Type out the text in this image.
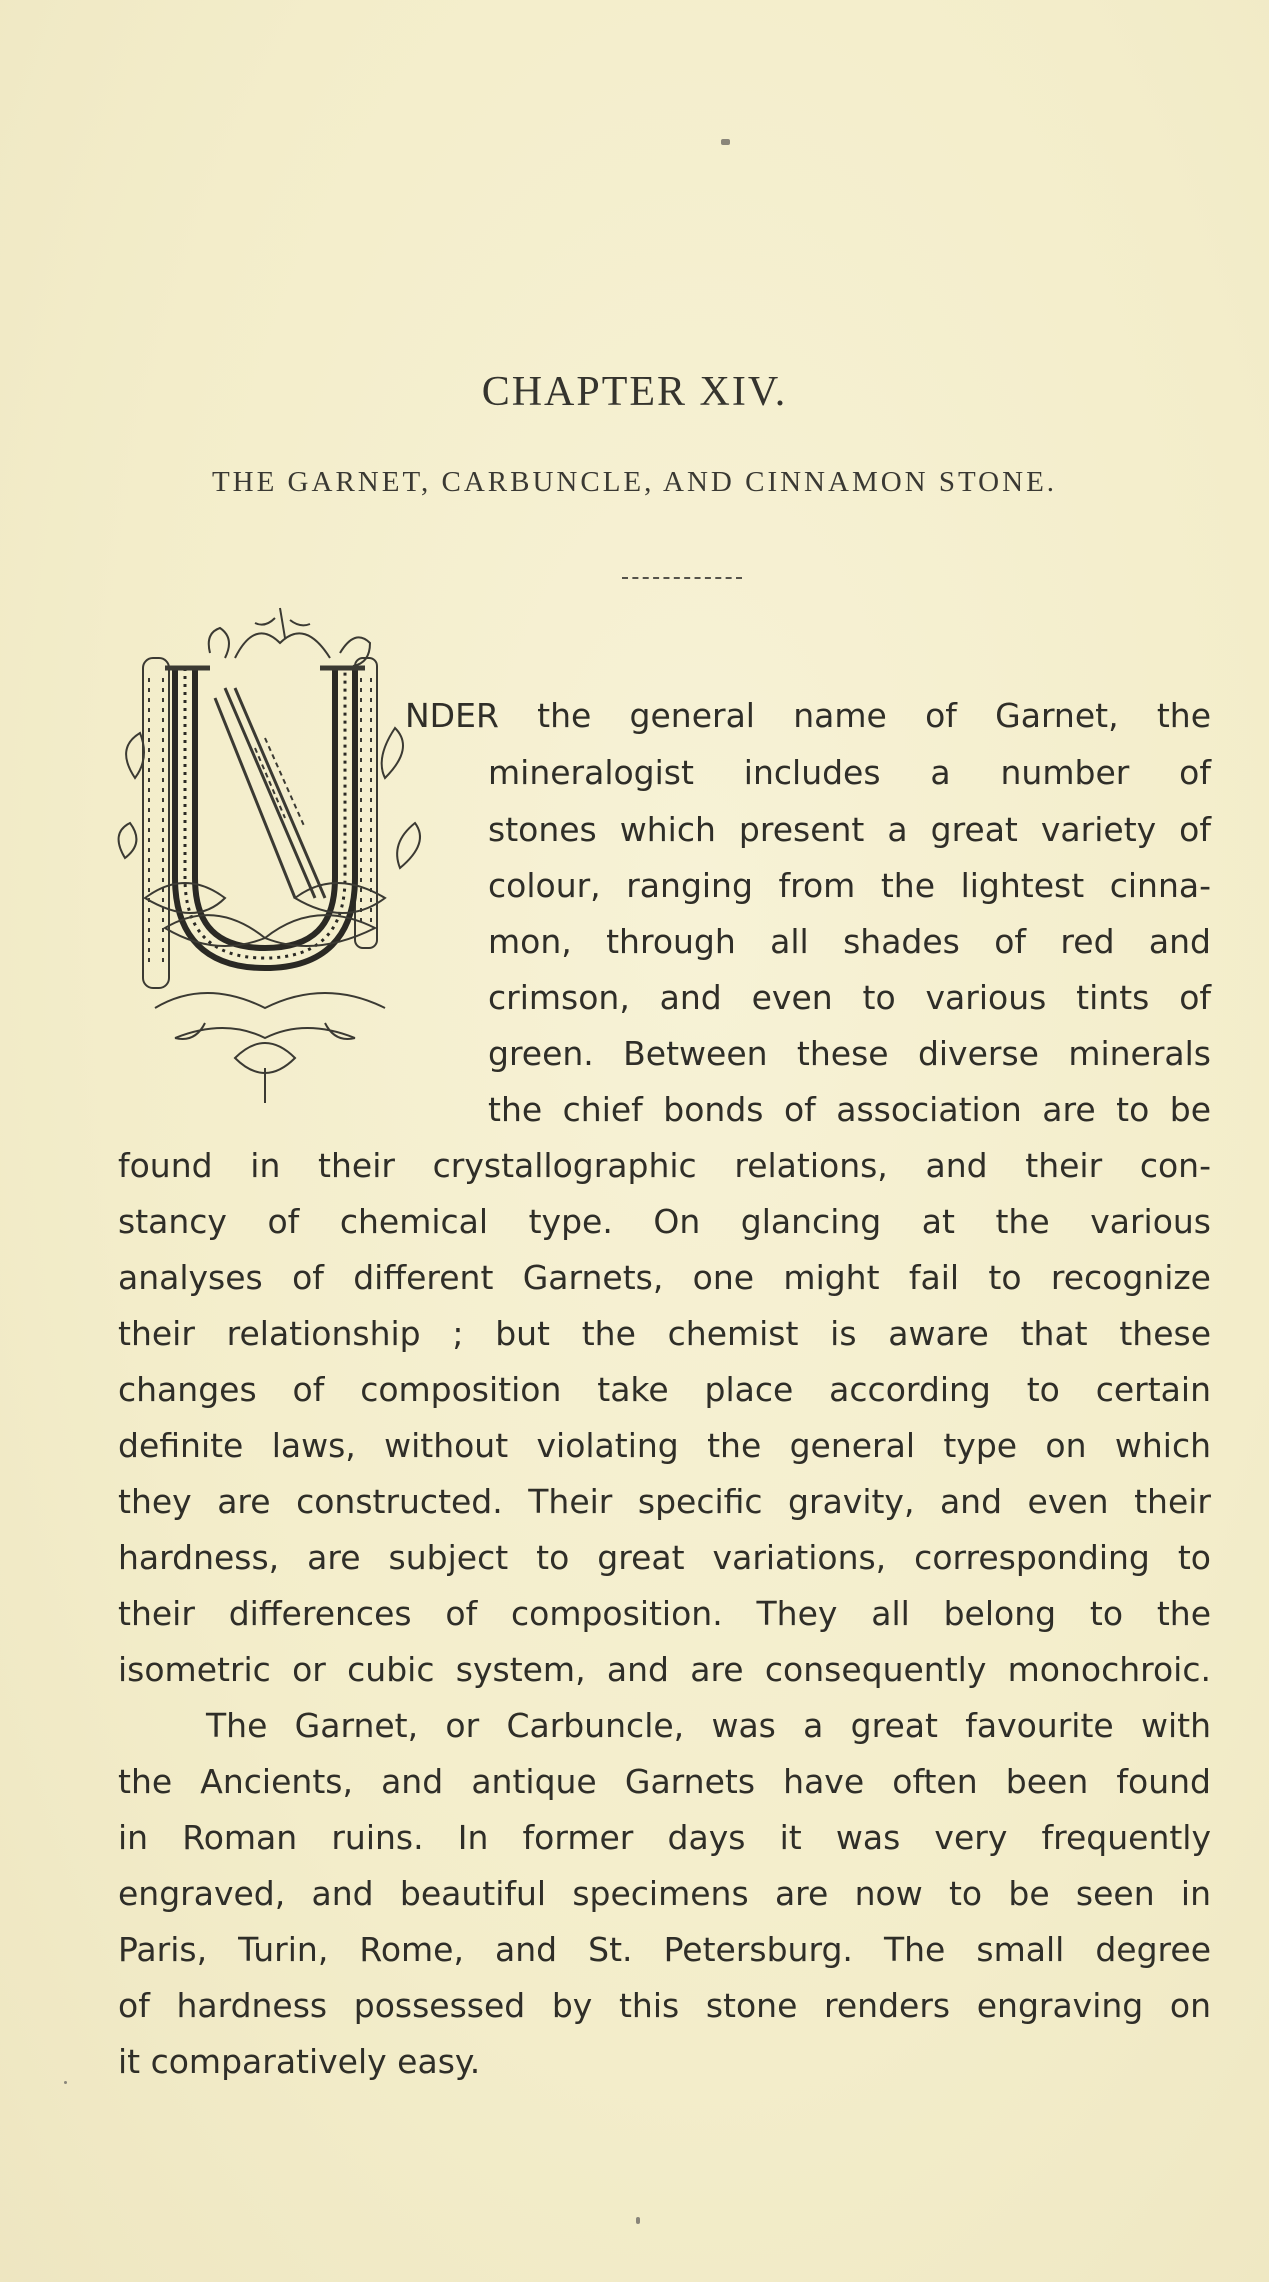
CHAPTER XIV.
THE GARNET, CARBUNCLE, AND CINNAMON STONE.
NDER the general name of Garnet, the
mineralogist includes a number of
stones which present a great variety of
colour, ranging from the lightest cinna-
mon, through all shades of red and
crimson, and even to various tints of
green. Between these diverse minerals
the chief bonds of association are to be
found in their crystallographic relations, and their con-
stancy of chemical type. On glancing at the various
analyses of different Garnets, one might fail to recognize
their relationship ; but the chemist is aware that these
changes of composition take place according to certain
definite laws, without violating the general type on which
they are constructed. Their specific gravity, and even their
hardness, are subject to great variations, corresponding to
their differences of composition. They all belong to the
isometric or cubic system, and are consequently monochroic.
The Garnet, or Carbuncle, was a great favourite with
the Ancients, and antique Garnets have often been found
in Roman ruins. In former days it was very frequently
engraved, and beautiful specimens are now to be seen in
Paris, Turin, Rome, and St. Petersburg. The small degree
of hardness possessed by this stone renders engraving on
it comparatively easy.
